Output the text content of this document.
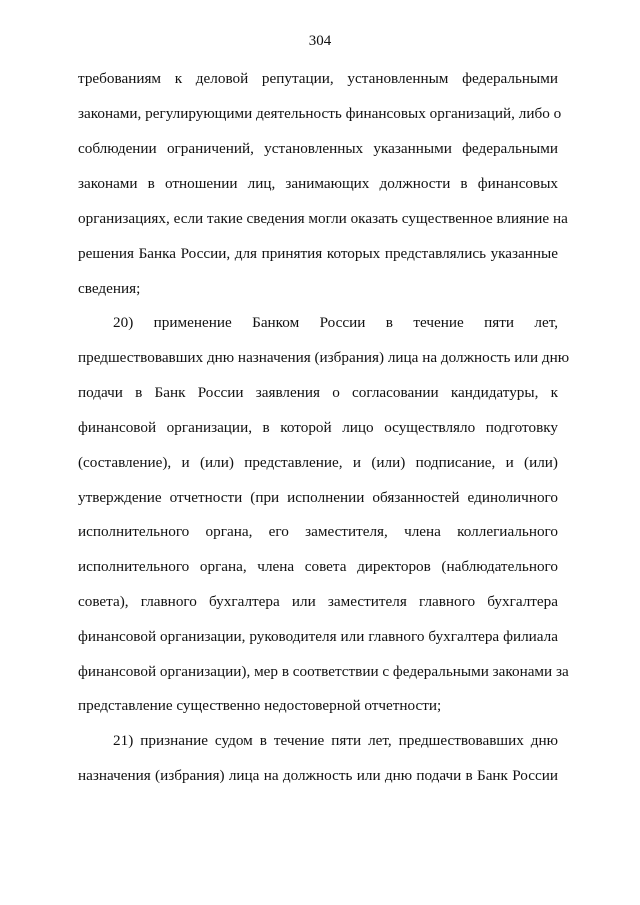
304
требованиям к деловой репутации, установленным федеральными
законами, регулирующими деятельность финансовых организаций, либо о
соблюдении ограничений, установленных указанными федеральными
законами в отношении лиц, занимающих должности в финансовых
организациях, если такие сведения могли оказать существенное влияние на
решения Банка России, для принятия которых представлялись указанные
сведения;
20) применение Банком России в течение пяти лет,
предшествовавших дню назначения (избрания) лица на должность или дню
подачи в Банк России заявления о согласовании кандидатуры, к
финансовой организации, в которой лицо осуществляло подготовку
(составление), и (или) представление, и (или) подписание, и (или)
утверждение отчетности (при исполнении обязанностей единоличного
исполнительного органа, его заместителя, члена коллегиального
исполнительного органа, члена совета директоров (наблюдательного
совета), главного бухгалтера или заместителя главного бухгалтера
финансовой организации, руководителя или главного бухгалтера филиала
финансовой организации), мер в соответствии с федеральными законами за
представление существенно недостоверной отчетности;
21) признание судом в течение пяти лет, предшествовавших дню
назначения (избрания) лица на должность или дню подачи в Банк России
